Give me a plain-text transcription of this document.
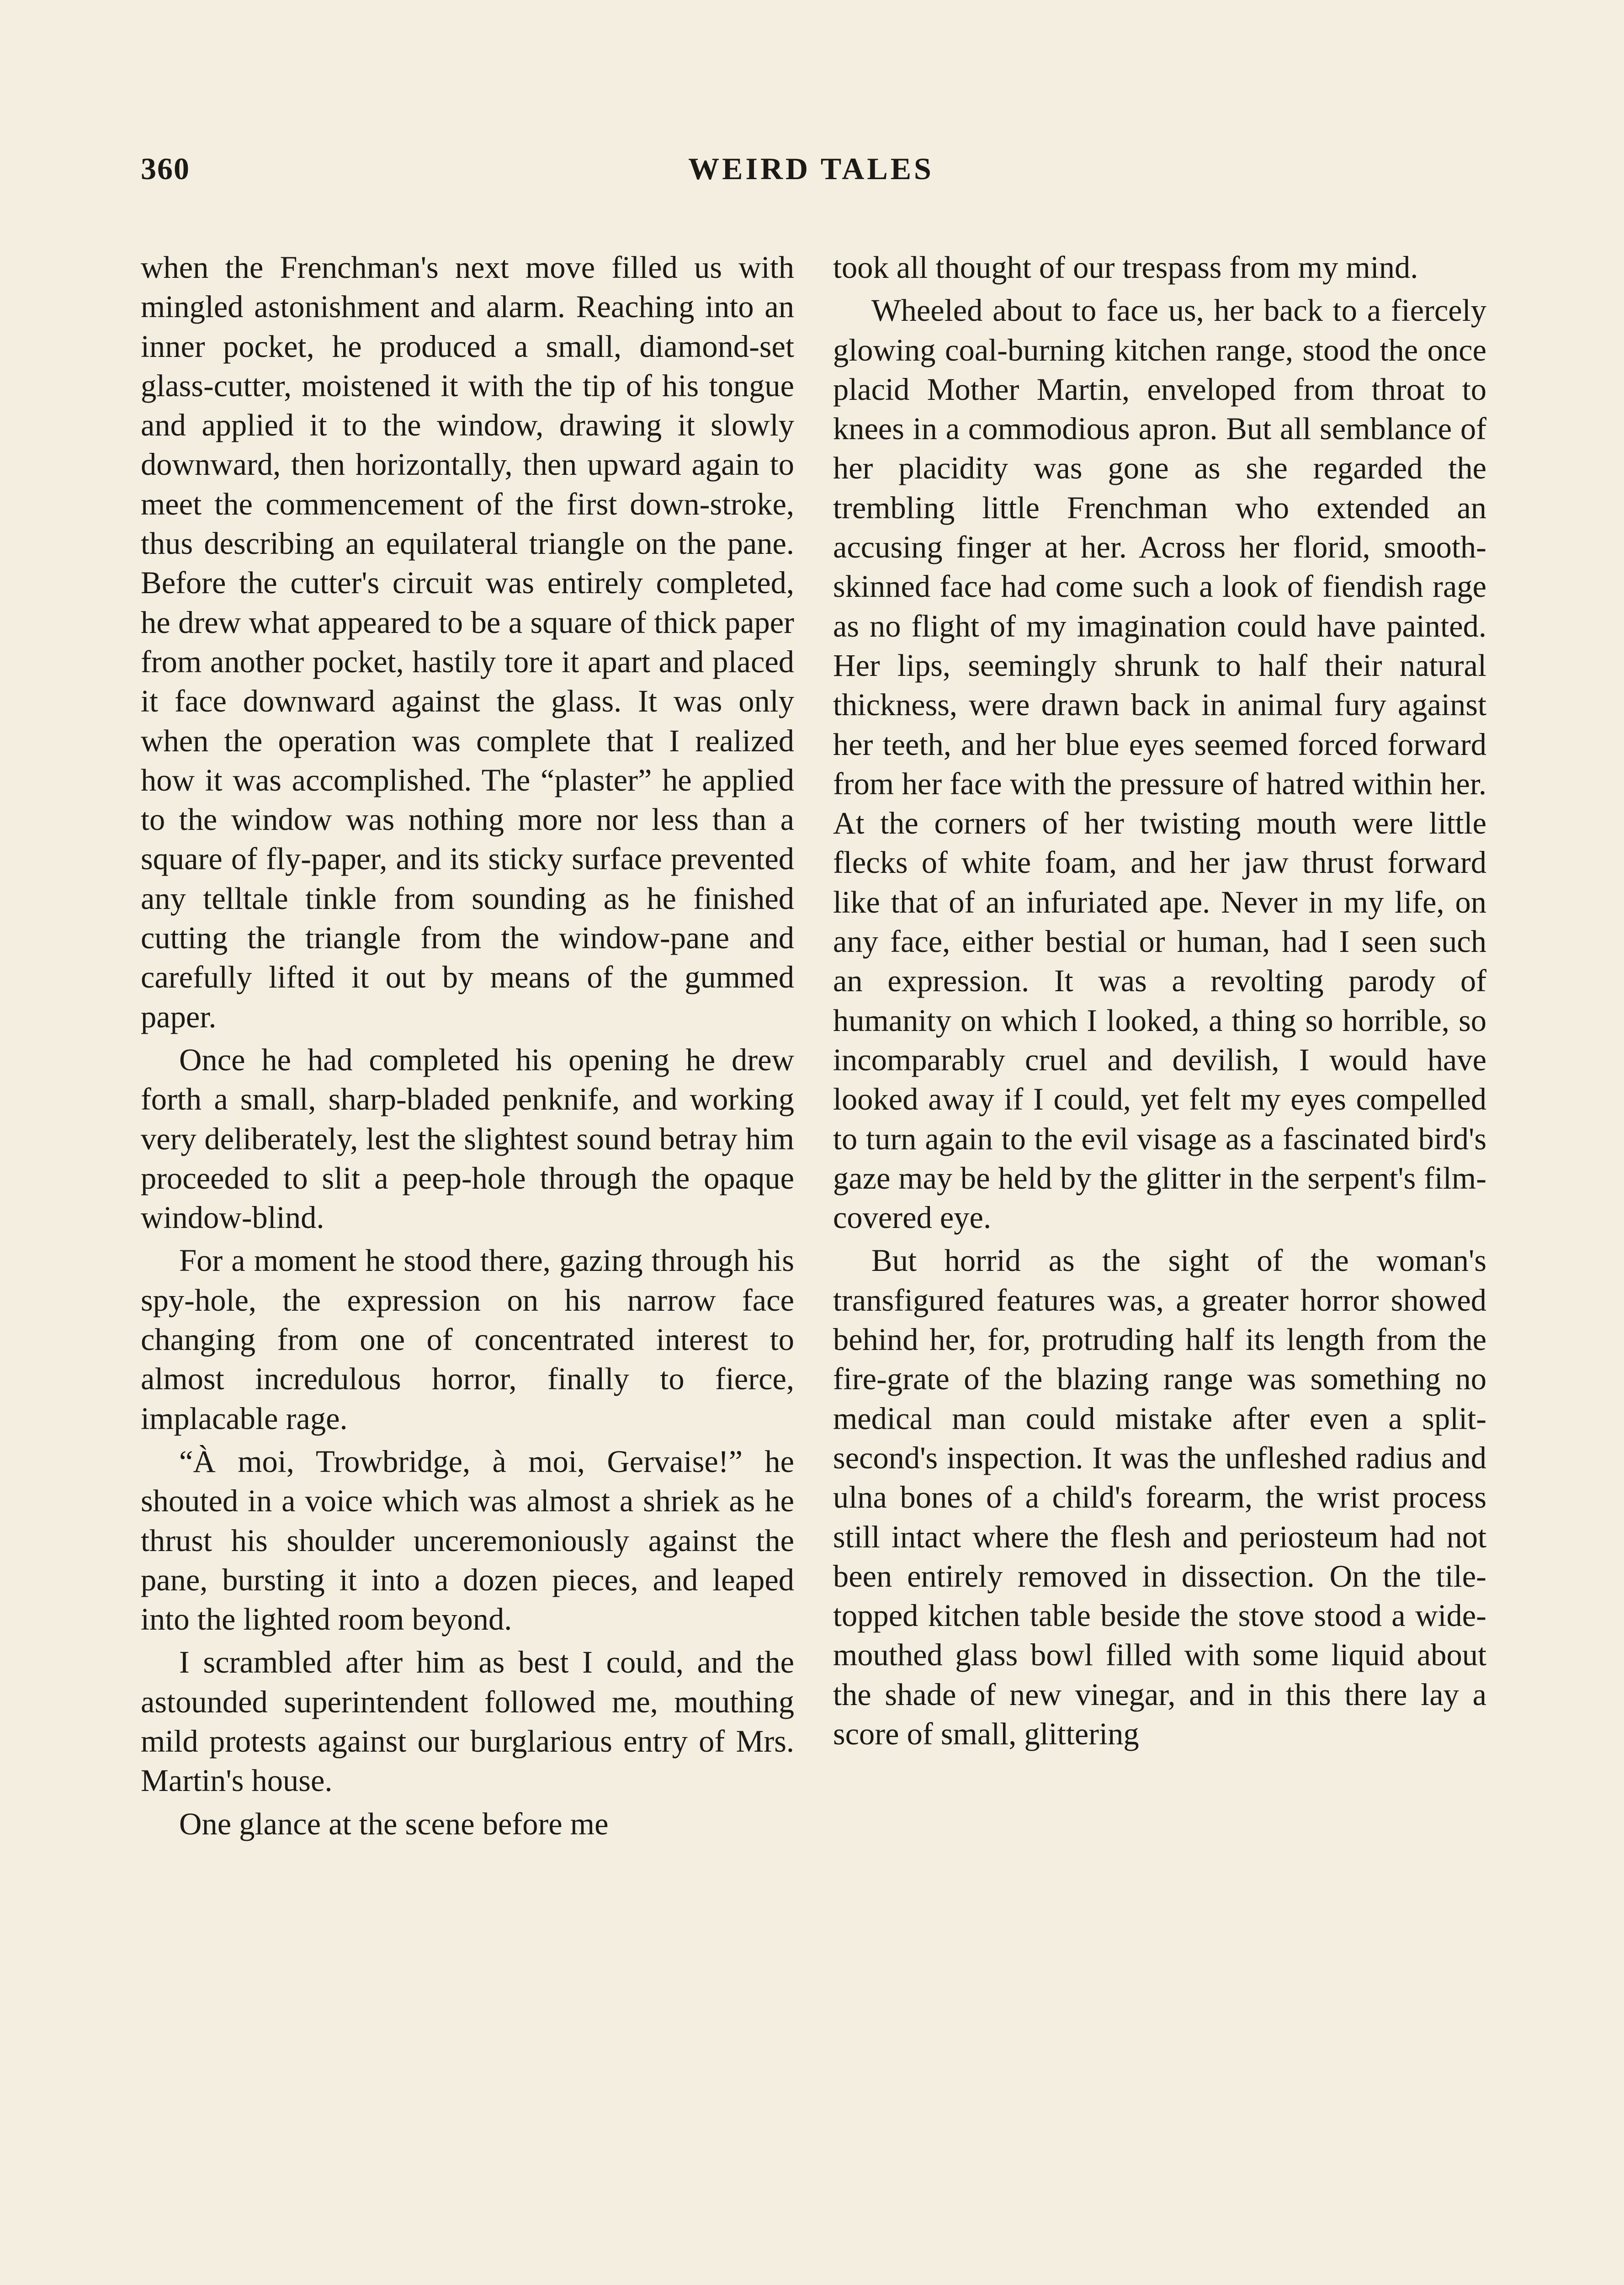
360	WEIRD TALES

when the Frenchman's next move filled us with mingled astonishment and alarm. Reaching into an inner pocket, he produced a small, diamond-set glass-cutter, moistened it with the tip of his tongue and applied it to the window, drawing it slowly downward, then horizontally, then upward again to meet the commencement of the first down-stroke, thus describing an equilateral triangle on the pane. Before the cutter's circuit was entirely completed, he drew what appeared to be a square of thick paper from another pocket, hastily tore it apart and placed it face downward against the glass. It was only when the operation was complete that I realized how it was accomplished. The “plaster” he applied to the window was nothing more nor less than a square of fly-paper, and its sticky surface prevented any telltale tinkle from sounding as he finished cutting the triangle from the window-pane and carefully lifted it out by means of the gummed paper.

Once he had completed his opening he drew forth a small, sharp-bladed penknife, and working very deliberately, lest the slightest sound betray him proceeded to slit a peep-hole through the opaque window-blind.

For a moment he stood there, gazing through his spy-hole, the expression on his narrow face changing from one of concentrated interest to almost incredulous horror, finally to fierce, implacable rage.

“À moi, Trowbridge, à moi, Gervaise!” he shouted in a voice which was almost a shriek as he thrust his shoulder unceremoniously against the pane, bursting it into a dozen pieces, and leaped into the lighted room beyond.

I scrambled after him as best I could, and the astounded superintendent followed me, mouthing mild protests against our burglarious entry of Mrs. Martin's house.

One glance at the scene before me

took all thought of our trespass from my mind.

Wheeled about to face us, her back to a fiercely glowing coal-burning kitchen range, stood the once placid Mother Martin, enveloped from throat to knees in a commodious apron. But all semblance of her placidity was gone as she regarded the trembling little Frenchman who extended an accusing finger at her. Across her florid, smooth-skinned face had come such a look of fiendish rage as no flight of my imagination could have painted. Her lips, seemingly shrunk to half their natural thickness, were drawn back in animal fury against her teeth, and her blue eyes seemed forced forward from her face with the pressure of hatred within her. At the corners of her twisting mouth were little flecks of white foam, and her jaw thrust forward like that of an infuriated ape. Never in my life, on any face, either bestial or human, had I seen such an expression. It was a revolting parody of humanity on which I looked, a thing so horrible, so incomparably cruel and devilish, I would have looked away if I could, yet felt my eyes compelled to turn again to the evil visage as a fascinated bird's gaze may be held by the glitter in the serpent's film-covered eye.

But horrid as the sight of the woman's transfigured features was, a greater horror showed behind her, for, protruding half its length from the fire-grate of the blazing range was something no medical man could mistake after even a split-second's inspection. It was the unfleshed radius and ulna bones of a child's forearm, the wrist process still intact where the flesh and periosteum had not been entirely removed in dissection. On the tile-topped kitchen table beside the stove stood a wide-mouthed glass bowl filled with some liquid about the shade of new vinegar, and in this there lay a score of small, glittering
